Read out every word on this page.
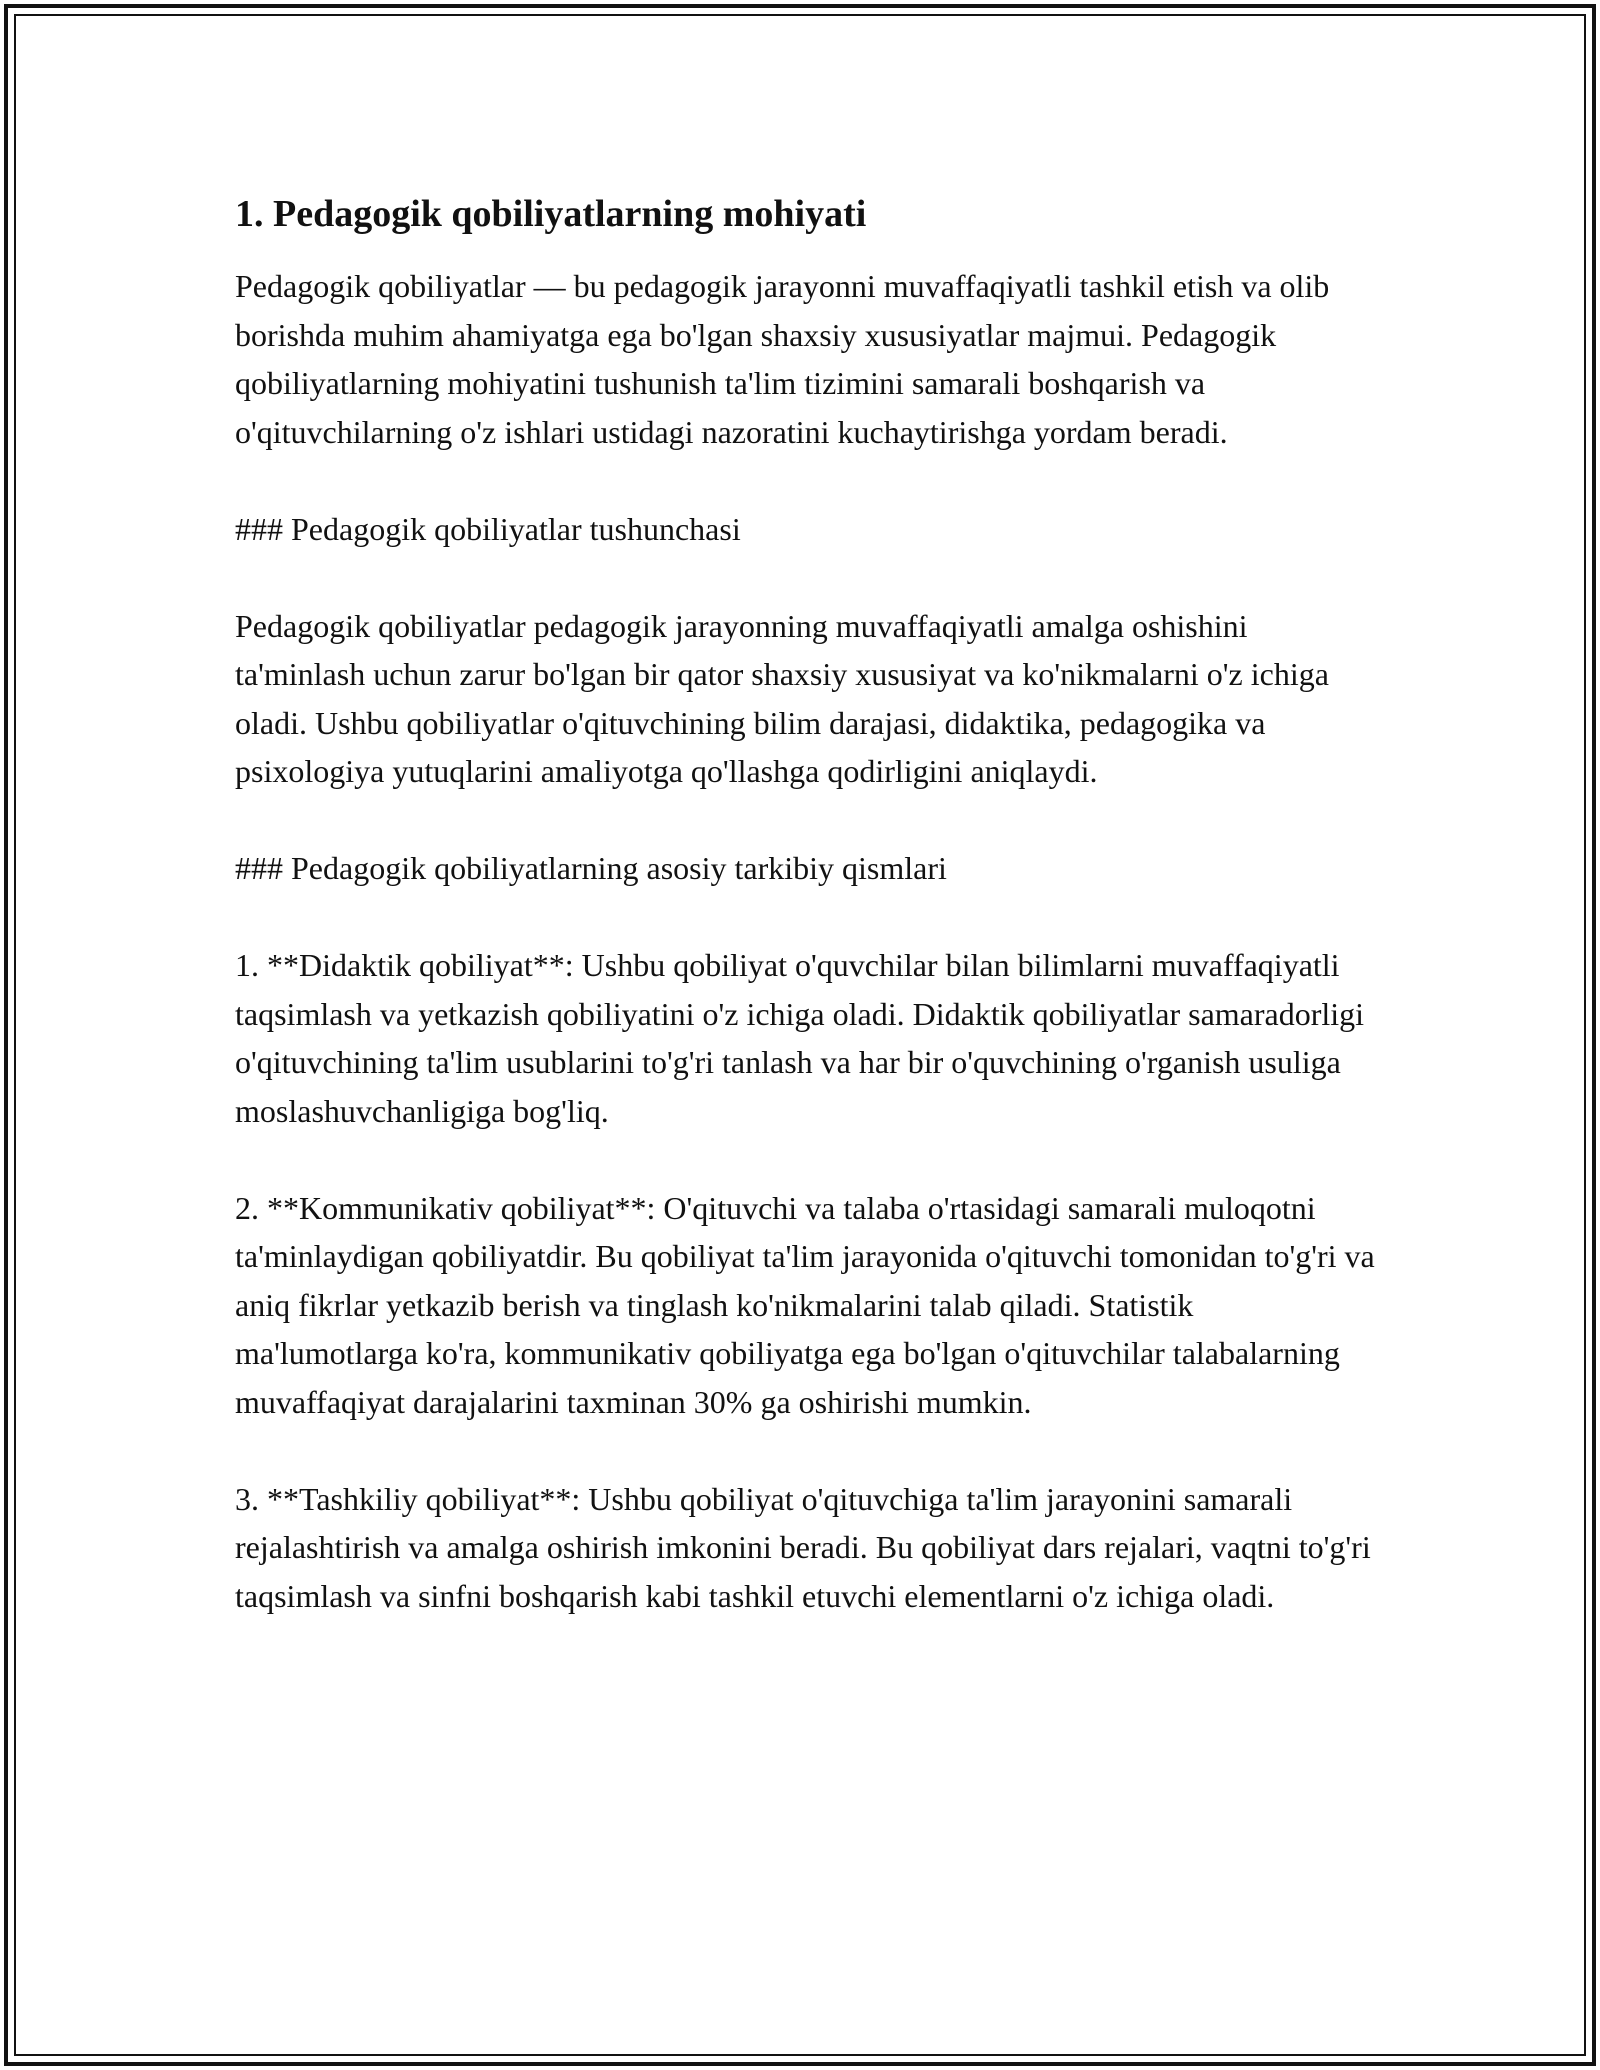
1. Pedagogik qobiliyatlarning mohiyati

Pedagogik qobiliyatlar — bu pedagogik jarayonni muvaffaqiyatli tashkil etish va olib borishda muhim ahamiyatga ega bo'lgan shaxsiy xususiyatlar majmui. Pedagogik qobiliyatlarning mohiyatini tushunish ta'lim tizimini samarali boshqarish va o'qituvchilarning o'z ishlari ustidagi nazoratini kuchaytirishga yordam beradi.

### Pedagogik qobiliyatlar tushunchasi

Pedagogik qobiliyatlar pedagogik jarayonning muvaffaqiyatli amalga oshishini ta'minlash uchun zarur bo'lgan bir qator shaxsiy xususiyat va ko'nikmalarni o'z ichiga oladi. Ushbu qobiliyatlar o'qituvchining bilim darajasi, didaktika, pedagogika va psixologiya yutuqlarini amaliyotga qo'llashga qodirligini aniqlaydi.

### Pedagogik qobiliyatlarning asosiy tarkibiy qismlari

1. **Didaktik qobiliyat**: Ushbu qobiliyat o'quvchilar bilan bilimlarni muvaffaqiyatli taqsimlash va yetkazish qobiliyatini o'z ichiga oladi. Didaktik qobiliyatlar samaradorligi o'qituvchining ta'lim usublarini to'g'ri tanlash va har bir o'quvchining o'rganish usuliga moslashuvchanligiga bog'liq.

2. **Kommunikativ qobiliyat**: O'qituvchi va talaba o'rtasidagi samarali muloqotni ta'minlaydigan qobiliyatdir. Bu qobiliyat ta'lim jarayonida o'qituvchi tomonidan to'g'ri va aniq fikrlar yetkazib berish va tinglash ko'nikmalarini talab qiladi. Statistik ma'lumotlarga ko'ra, kommunikativ qobiliyatga ega bo'lgan o'qituvchilar talabalarning muvaffaqiyat darajalarini taxminan 30% ga oshirishi mumkin.

3. **Tashkiliy qobiliyat**: Ushbu qobiliyat o'qituvchiga ta'lim jarayonini samarali rejalashtirish va amalga oshirish imkonini beradi. Bu qobiliyat dars rejalari, vaqtni to'g'ri taqsimlash va sinfni boshqarish kabi tashkil etuvchi elementlarni o'z ichiga oladi.
